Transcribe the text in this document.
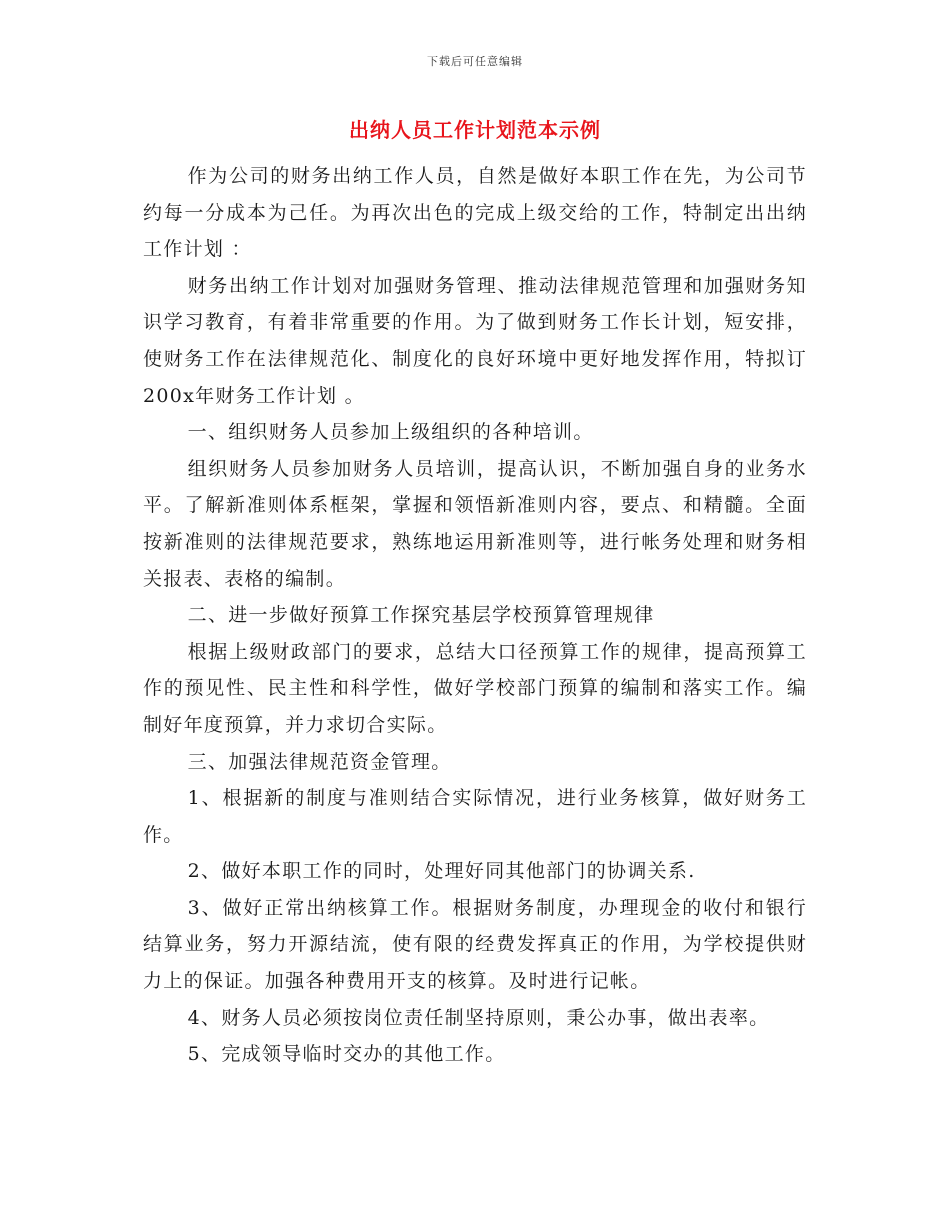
下载后可任意编辑
出纳人员工作计划范本示例

作为公司的财务出纳工作人员，自然是做好本职工作在先，为公司节约每一分成本为己任。为再次出色的完成上级交给的工作，特制定出出纳工作计划 ：

财务出纳工作计划对加强财务管理、推动法律规范管理和加强财务知识学习教育，有着非常重要的作用。为了做到财务工作长计划，短安排，使财务工作在法律规范化、制度化的良好环境中更好地发挥作用，特拟订200x年财务工作计划 。

一、组织财务人员参加上级组织的各种培训。

组织财务人员参加财务人员培训，提高认识，不断加强自身的业务水平。了解新准则体系框架，掌握和领悟新准则内容，要点、和精髓。全面按新准则的法律规范要求，熟练地运用新准则等，进行帐务处理和财务相关报表、表格的编制。

二、进一步做好预算工作探究基层学校预算管理规律

根据上级财政部门的要求，总结大口径预算工作的规律，提高预算工作的预见性、民主性和科学性，做好学校部门预算的编制和落实工作。编制好年度预算，并力求切合实际。

三、加强法律规范资金管理。

1、根据新的制度与准则结合实际情况，进行业务核算，做好财务工作。

2、做好本职工作的同时，处理好同其他部门的协调关系.

3、做好正常出纳核算工作。根据财务制度，办理现金的收付和银行结算业务，努力开源结流，使有限的经费发挥真正的作用，为学校提供财力上的保证。加强各种费用开支的核算。及时进行记帐。

4、财务人员必须按岗位责任制坚持原则，秉公办事，做出表率。

5、完成领导临时交办的其他工作。
